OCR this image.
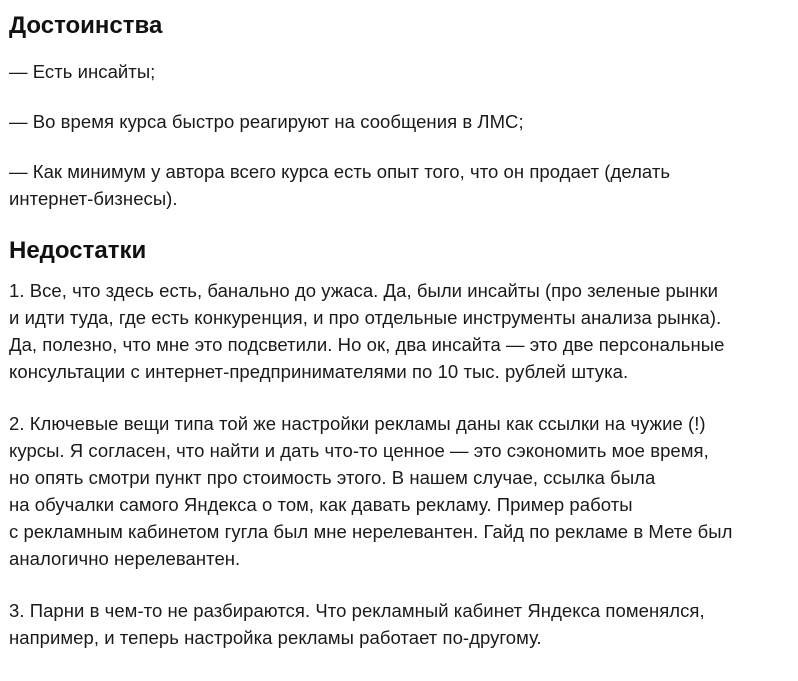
Достоинства

— Есть инсайты;

— Во время курса быстро реагируют на сообщения в ЛМС;

— Как минимум у автора всего курса есть опыт того, что он продает (делать
интернет-бизнесы).

Недостатки

1. Все, что здесь есть, банально до ужаса. Да, были инсайты (про зеленые рынки
и идти туда, где есть конкуренция, и про отдельные инструменты анализа рынка).
Да, полезно, что мне это подсветили. Но ок, два инсайта — это две персональные
консультации с интернет-предпринимателями по 10 тыс. рублей штука.

2. Ключевые вещи типа той же настройки рекламы даны как ссылки на чужие (!)
курсы. Я согласен, что найти и дать что-то ценное — это сэкономить мое время,
но опять смотри пункт про стоимость этого. В нашем случае, ссылка была
на обучалки самого Яндекса о том, как давать рекламу. Пример работы
с рекламным кабинетом гугла был мне нерелевантен. Гайд по рекламе в Мете был
аналогично нерелевантен.

3. Парни в чем-то не разбираются. Что рекламный кабинет Яндекса поменялся,
например, и теперь настройка рекламы работает по-другому.
